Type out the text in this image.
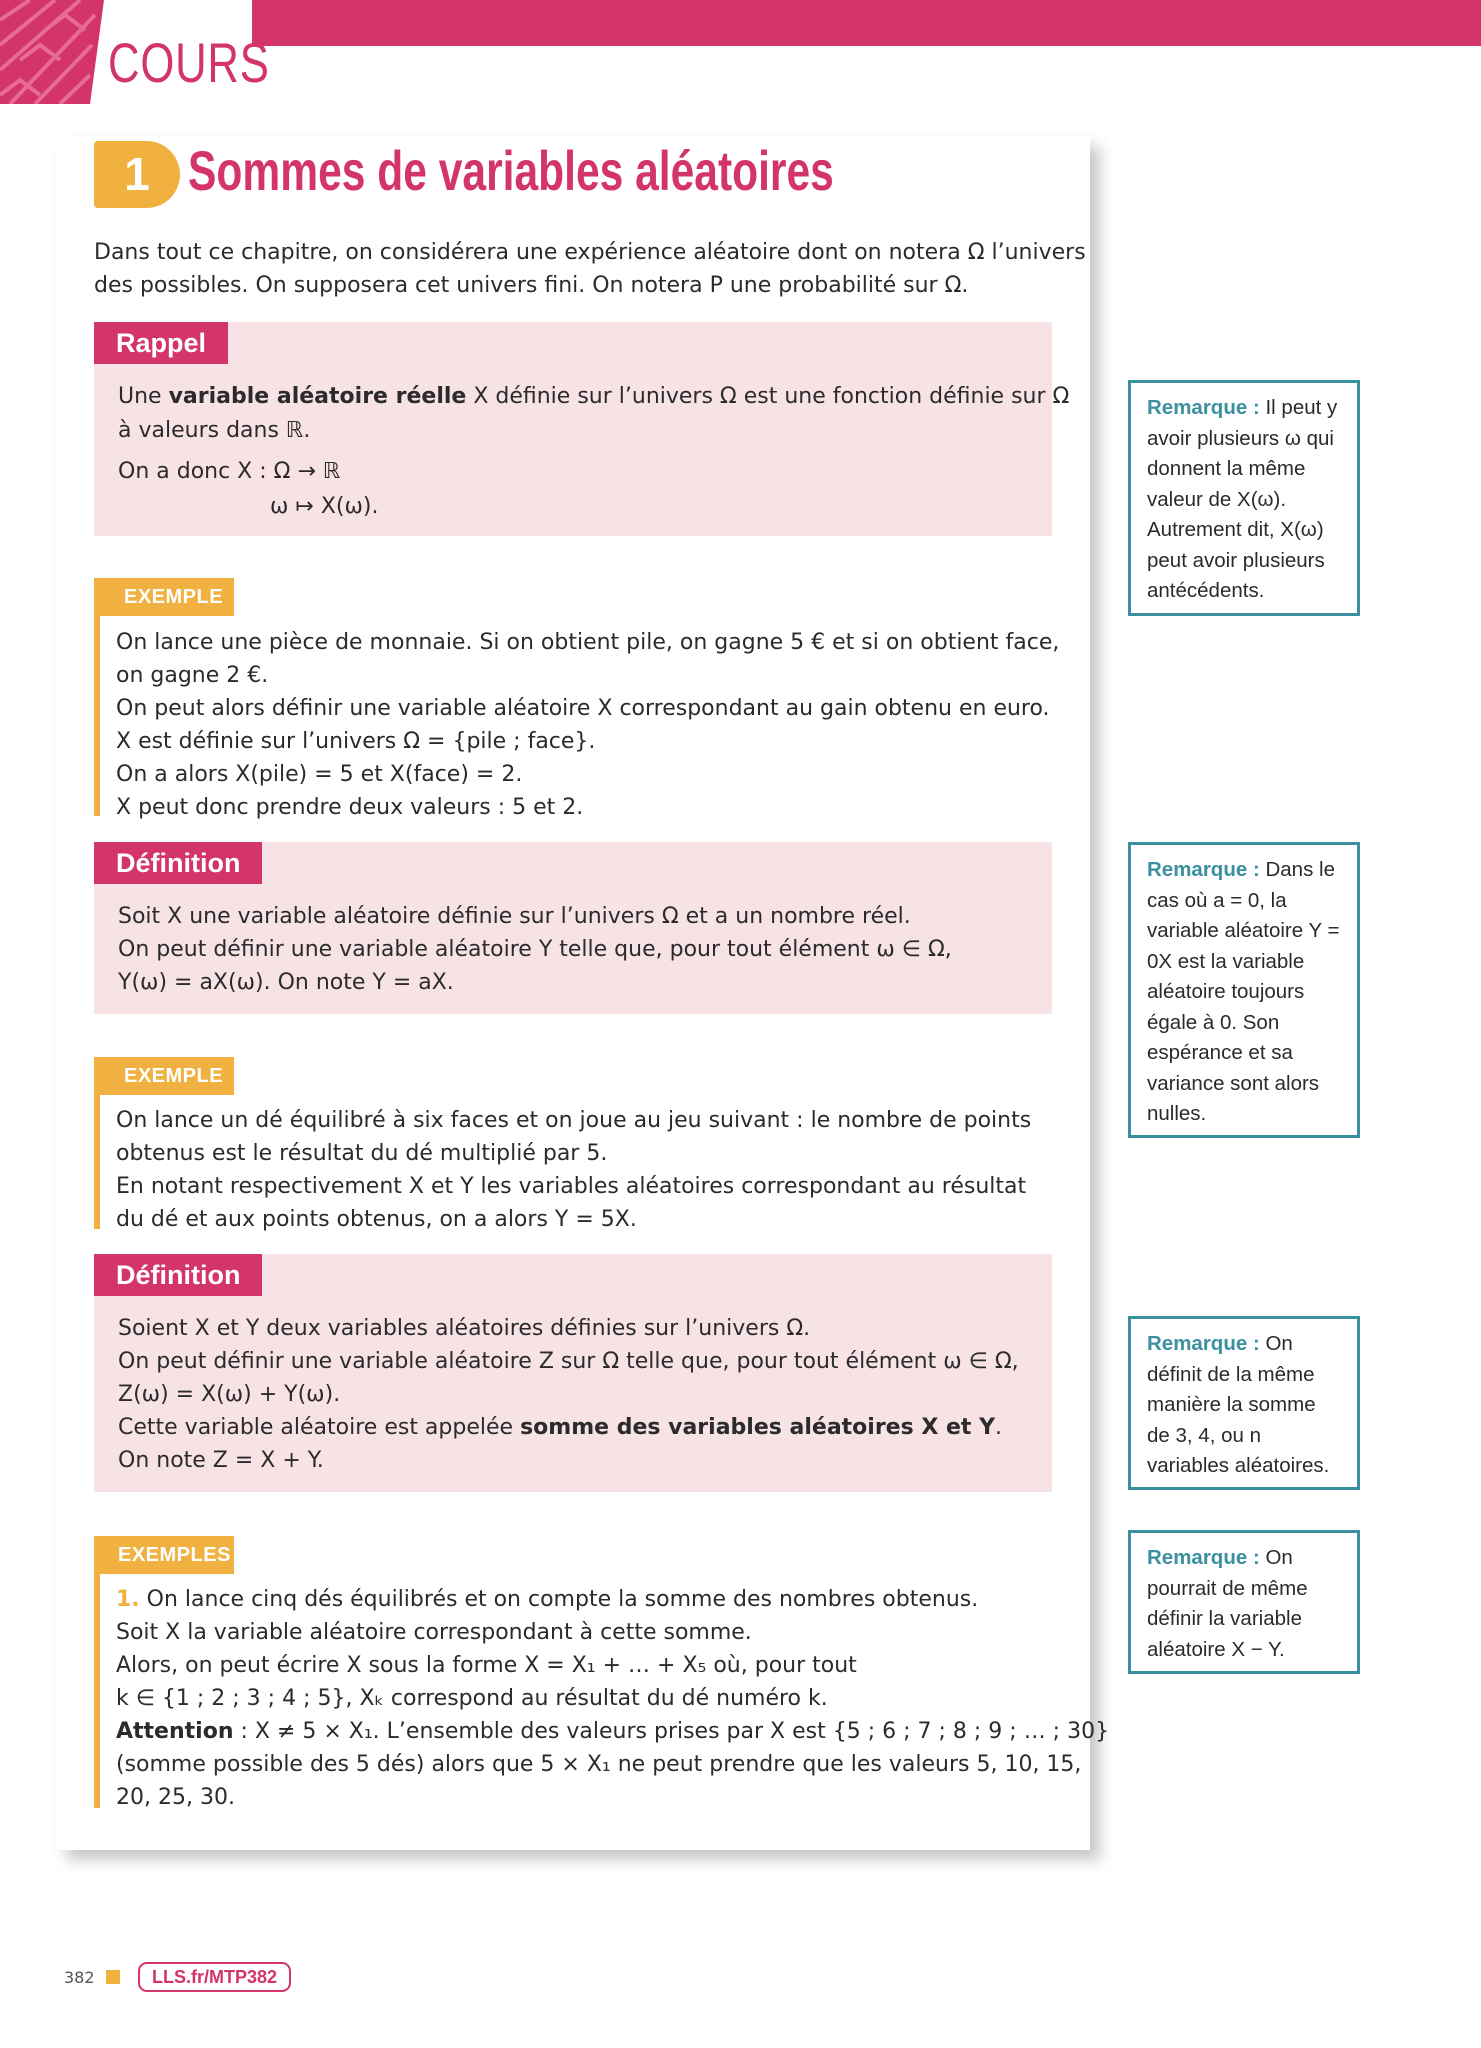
COURS
1 Sommes de variables aléatoires
Dans tout ce chapitre, on considérera une expérience aléatoire dont on notera Ω l’univers
des possibles. On supposera cet univers fini. On notera P une probabilité sur Ω.
Rappel
Une variable aléatoire réelle X définie sur l’univers Ω est une fonction définie sur Ω
à valeurs dans ℝ.
On a donc X : Ω → ℝ
ω ↦ X(ω).
EXEMPLE
On lance une pièce de monnaie. Si on obtient pile, on gagne 5 € et si on obtient face,
on gagne 2 €.
On peut alors définir une variable aléatoire X correspondant au gain obtenu en euro.
X est définie sur l’univers Ω = {pile ; face}.
On a alors X(pile) = 5 et X(face) = 2.
X peut donc prendre deux valeurs : 5 et 2.
Définition
Soit X une variable aléatoire définie sur l’univers Ω et a un nombre réel.
On peut définir une variable aléatoire Y telle que, pour tout élément ω ∈ Ω,
Y(ω) = aX(ω). On note Y = aX.
EXEMPLE
On lance un dé équilibré à six faces et on joue au jeu suivant : le nombre de points
obtenus est le résultat du dé multiplié par 5.
En notant respectivement X et Y les variables aléatoires correspondant au résultat
du dé et aux points obtenus, on a alors Y = 5X.
Définition
Soient X et Y deux variables aléatoires définies sur l’univers Ω.
On peut définir une variable aléatoire Z sur Ω telle que, pour tout élément ω ∈ Ω,
Z(ω) = X(ω) + Y(ω).
Cette variable aléatoire est appelée somme des variables aléatoires X et Y.
On note Z = X + Y.
EXEMPLES
1. On lance cinq dés équilibrés et on compte la somme des nombres obtenus.
Soit X la variable aléatoire correspondant à cette somme.
Alors, on peut écrire X sous la forme X = X₁ + … + X₅ où, pour tout
k ∈ {1 ; 2 ; 3 ; 4 ; 5}, Xₖ correspond au résultat du dé numéro k.
Attention : X ≠ 5 × X₁. L’ensemble des valeurs prises par X est {5 ; 6 ; 7 ; 8 ; 9 ; … ; 30}
(somme possible des 5 dés) alors que 5 × X₁ ne peut prendre que les valeurs 5, 10, 15,
20, 25, 30.
Remarque : Il peut y avoir plusieurs ω qui donnent la même valeur de X(ω). Autrement dit, X(ω) peut avoir plusieurs antécédents.
Remarque : Dans le cas où a = 0, la variable aléatoire Y = 0X est la variable aléatoire toujours égale à 0. Son espérance et sa variance sont alors nulles.
Remarque : On définit de la même manière la somme de 3, 4, ou n variables aléatoires.
Remarque : On pourrait de même définir la variable aléatoire X − Y.
382	LLS.fr/MTP382
